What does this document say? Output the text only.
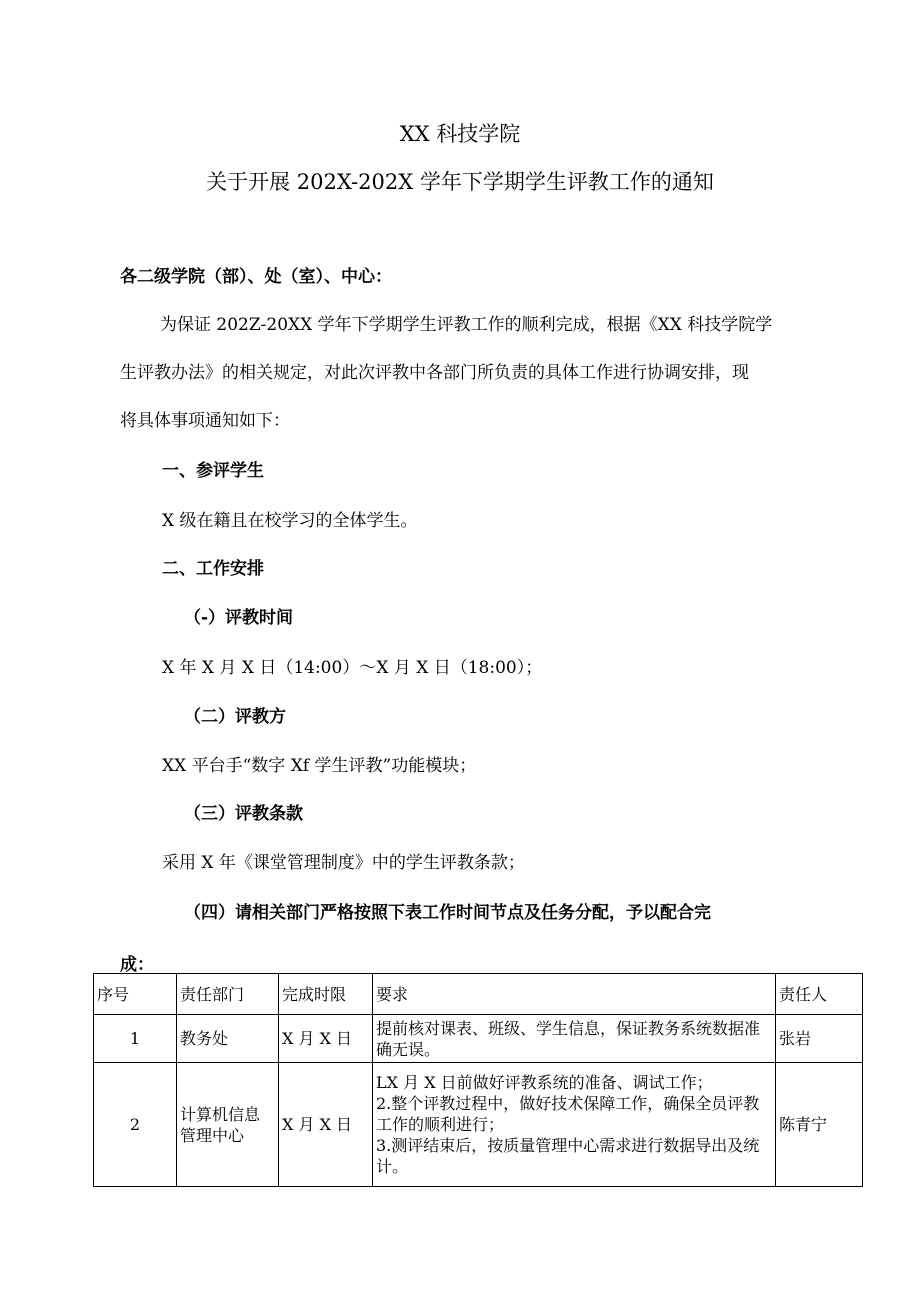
XX 科技学院
关于开展 202X-202X 学年下学期学生评教工作的通知
各二级学院（部）、处（室）、中心：
为保证 202Z-20XX 学年下学期学生评教工作的顺利完成，根据《XX 科技学院学
生评教办法》的相关规定，对此次评教中各部门所负责的具体工作进行协调安排，现
将具体事项通知如下：
一、参评学生
X 级在籍且在校学习的全体学生。
二、工作安排
（-）评教时间
X 年 X 月 X 日（14:00）～X 月 X 日（18:00）；
（二）评教方
XX 平台手“数字 Xf 学生评教”功能模块；
（三）评教条款
采用 X 年《课堂管理制度》中的学生评教条款；
（四）请相关部门严格按照下表工作时间节点及任务分配，予以配合完
成：
序号	责任部门	完成时限	要求	责任人
1	教务处	X 月 X 日	提前核对课表、班级、学生信息，保证教务系统数据准确无误。	张岩
2	计算机信息管理中心	X 月 X 日	LX 月 X 日前做好评教系统的准备、调试工作；
2.整个评教过程中，做好技术保障工作，确保全员评教工作的顺利进行；
3.测评结束后，按质量管理中心需求进行数据导出及统计。	陈青宁
